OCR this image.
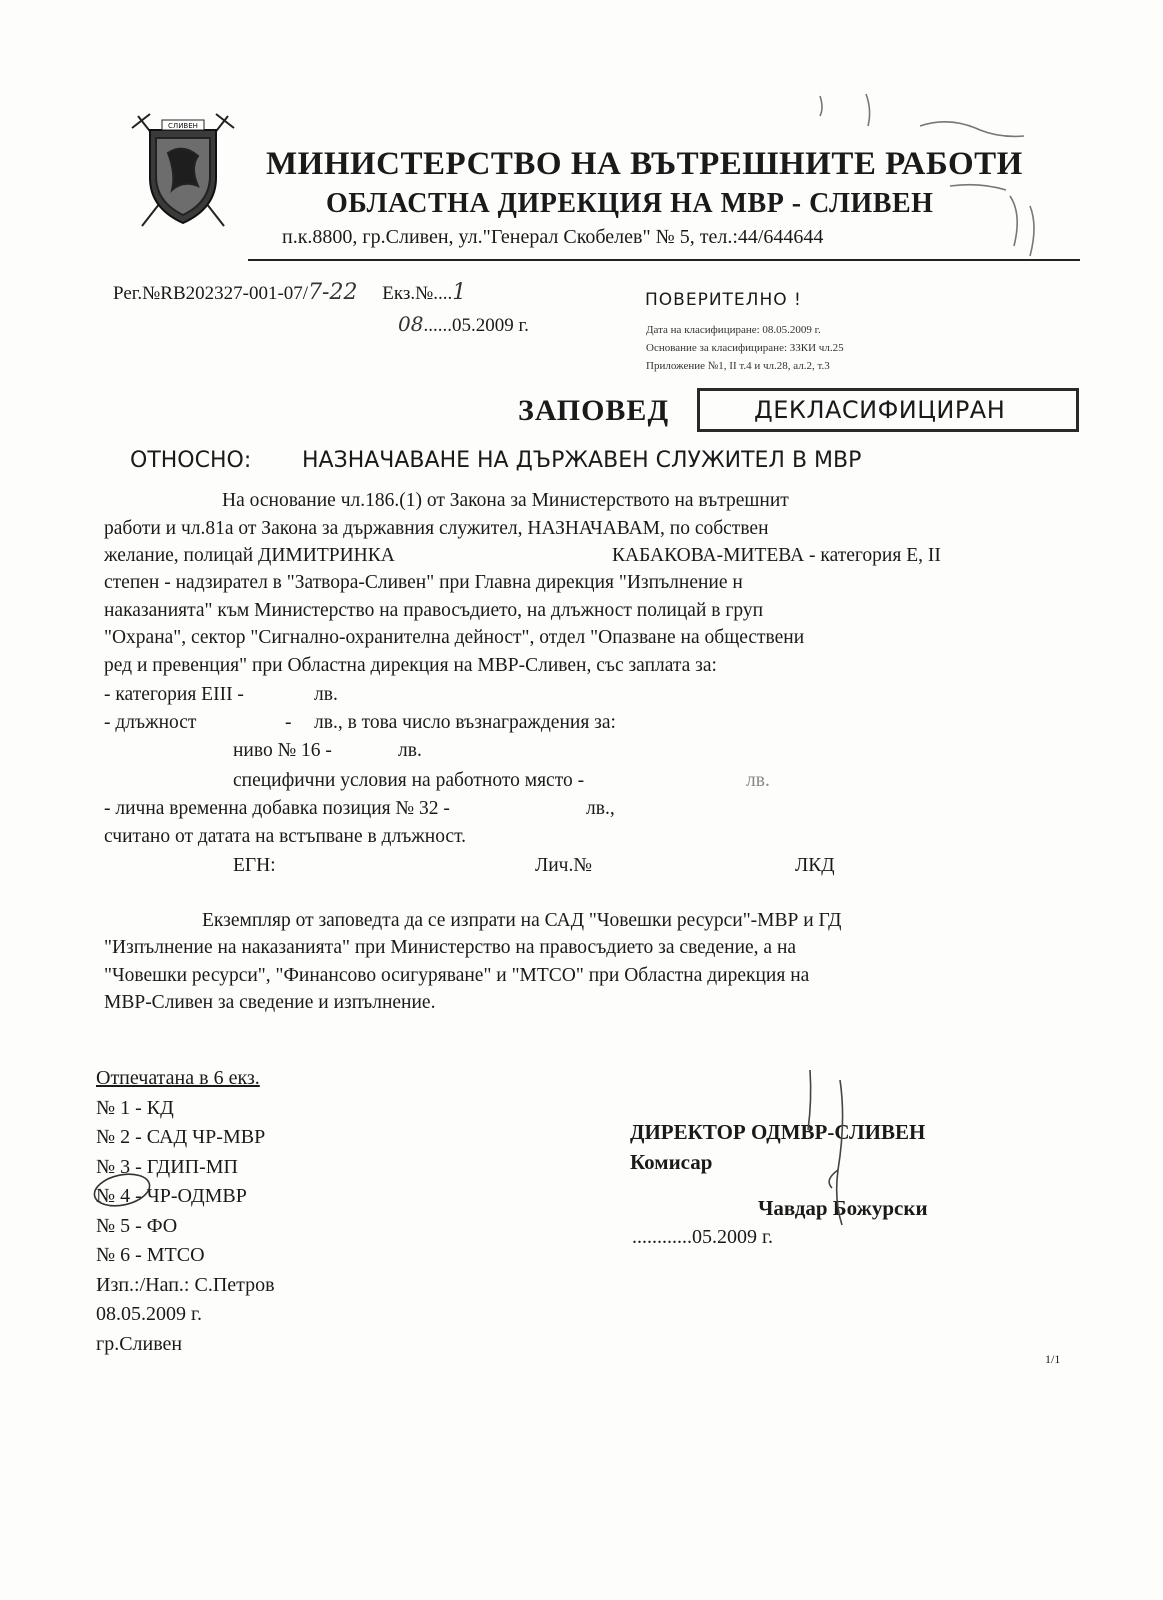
СЛИВЕН
МИНИСТЕРСТВО НА ВЪТРЕШНИТЕ РАБОТИ
ОБЛАСТНА ДИРЕКЦИЯ НА МВР - СЛИВЕН
п.к.8800, гр.Сливен, ул."Генерал Скобелев" № 5, тел.:44/644644
Рег.№RB202327-001-07/7-22 Екз.№....1
08......05.2009 г.
ПОВЕРИТЕЛНО !
Дата на класифициране: 08.05.2009 г.
Основание за класифициране: ЗЗКИ чл.25
Приложение №1, II т.4 и чл.28, ал.2, т.3
ЗАПОВЕД	ДЕКЛАСИФИЦИРАН
ОТНОСНО: НАЗНАЧАВАНЕ НА ДЪРЖАВЕН СЛУЖИТЕЛ В МВР
На основание чл.186.(1) от Закона за Министерството на вътрешнит
работи и чл.81а от Закона за държавния служител, НАЗНАЧАВАМ, по собствен
желание, полицай ДИМИТРИНКА	КАБАКОВА-МИТЕВА - категория Е, II
степен - надзирател в "Затвора-Сливен" при Главна дирекция "Изпълнение н
наказанията" към Министерство на правосъдието, на длъжност полицай в груп
"Охрана", сектор "Сигнално-охранителна дейност", отдел "Опазване на обществени
ред и превенция" при Областна дирекция на МВР-Сливен, със заплата за:
- категория ЕIII -	лв.
- длъжност	- лв., в това число възнаграждения за:
ниво № 16 -	лв.
специфични условия на работното място -	лв.
- лична временна добавка позиция № 32 -	лв.,
считано от датата на встъпване в длъжност.
ЕГН:	Лич.№	ЛКД
Екземпляр от заповедта да се изпрати на САД "Човешки ресурси"-МВР и ГД
"Изпълнение на наказанията" при Министерство на правосъдието за сведение, а на
"Човешки ресурси", "Финансово осигуряване" и "МТСО" при Областна дирекция на
МВР-Сливен за сведение и изпълнение.
Отпечатана в 6 екз.
№ 1 - КД
№ 2 - САД ЧР-МВР
№ 3 - ГДИП-МП
№ 4 - ЧР-ОДМВР
№ 5 - ФО
№ 6 - МТСО
Изп.:/Нап.: С.Петров
08.05.2009 г.
гр.Сливен
ДИРЕКТОР ОДМВР-СЛИВЕН
Комисар
Чавдар Божурски
............05.2009 г.
1/1
